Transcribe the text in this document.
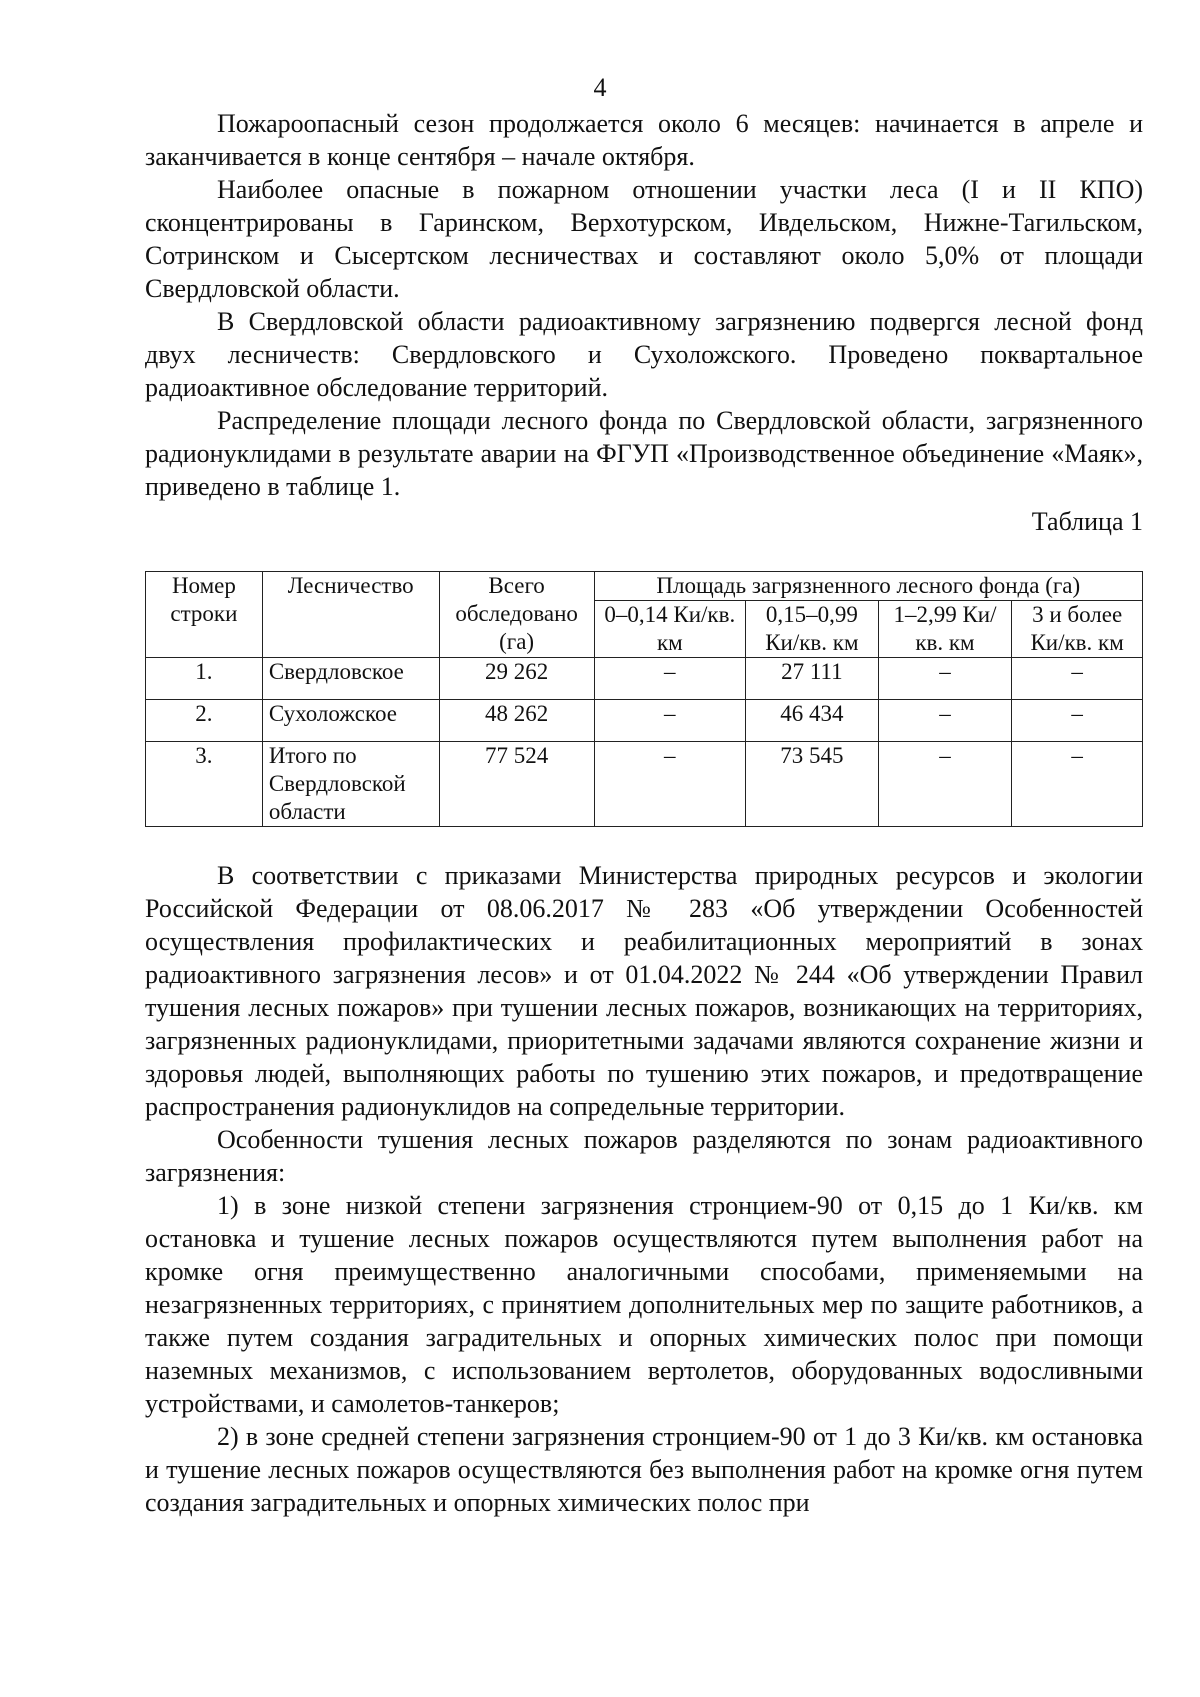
4

Пожароопасный сезон продолжается около 6 месяцев: начинается в апреле и заканчивается в конце сентября – начале октября.

Наиболее опасные в пожарном отношении участки леса (I и II КПО) сконцентрированы в Гаринском, Верхотурском, Ивдельском, Нижне-Тагильском, Сотринском и Сысертском лесничествах и составляют около 5,0% от площади Свердловской области.

В Свердловской области радиоактивному загрязнению подвергся лесной фонд двух лесничеств: Свердловского и Сухоложского. Проведено поквартальное радиоактивное обследование территорий.

Распределение площади лесного фонда по Свердловской области, загрязненного радионуклидами в результате аварии на ФГУП «Производственное объединение «Маяк», приведено в таблице 1.

Таблица 1
Номер строки	Лесничество	Всего обследовано (га)	Площадь загрязненного лесного фонда (га)			
			0–0,14 Ки/кв. км	0,15–0,99 Ки/кв. км	1–2,99 Ки/кв. км	3 и более Ки/кв. км
1.	Свердловское	29 262	–	27 111	–	–
2.	Сухоложское	48 262	–	46 434	–	–
3.	Итого по Свердловской области	77 524	–	73 545	–	–

В соответствии с приказами Министерства природных ресурсов и экологии Российской Федерации от 08.06.2017 № 283 «Об утверждении Особенностей осуществления профилактических и реабилитационных мероприятий в зонах радиоактивного загрязнения лесов» и от 01.04.2022 № 244 «Об утверждении Правил тушения лесных пожаров» при тушении лесных пожаров, возникающих на территориях, загрязненных радионуклидами, приоритетными задачами являются сохранение жизни и здоровья людей, выполняющих работы по тушению этих пожаров, и предотвращение распространения радионуклидов на сопредельные территории.

Особенности тушения лесных пожаров разделяются по зонам радиоактивного загрязнения:

1) в зоне низкой степени загрязнения стронцием-90 от 0,15 до 1 Ки/кв. км остановка и тушение лесных пожаров осуществляются путем выполнения работ на кромке огня преимущественно аналогичными способами, применяемыми на незагрязненных территориях, с принятием дополнительных мер по защите работников, а также путем создания заградительных и опорных химических полос при помощи наземных механизмов, с использованием вертолетов, оборудованных водосливными устройствами, и самолетов-танкеров;

2) в зоне средней степени загрязнения стронцием-90 от 1 до 3 Ки/кв. км остановка и тушение лесных пожаров осуществляются без выполнения работ на кромке огня путем создания заградительных и опорных химических полос при
